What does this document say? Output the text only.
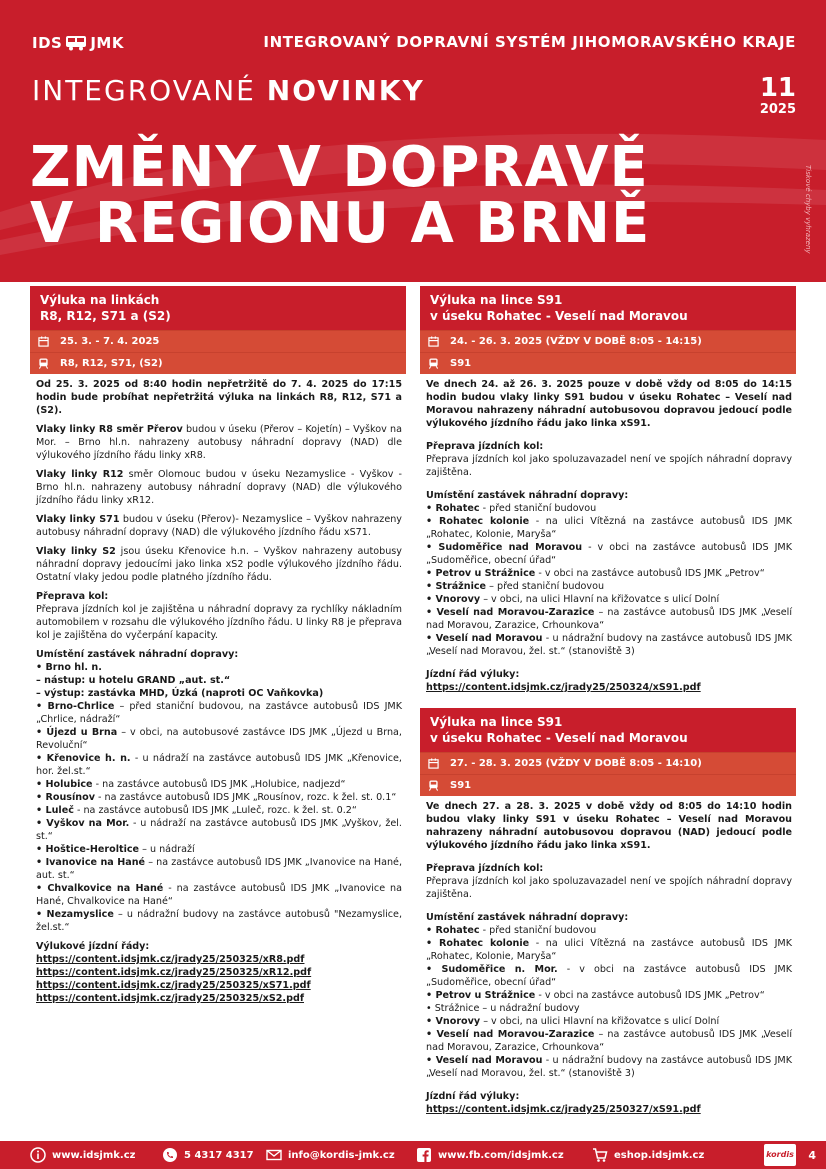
IDS JMK	INTEGROVANÝ DOPRAVNÍ SYSTÉM JIHOMORAVSKÉHO KRAJE
INTEGROVANÉ NOVINKY	11
2025
ZMĚNY V DOPRAVĚ
V REGIONU A BRNĚ	Tiskové chyby vyhrazeny
Výluka na linkách
R8, R12, S71 a (S2)
25. 3. - 7. 4. 2025
R8, R12, S71, (S2)

Od 25. 3. 2025 od 8:40 hodin nepřetržitě do 7. 4. 2025 do 17:15 hodin bude probíhat nepřetržitá výluka na linkách R8, R12, S71 a (S2).

Vlaky linky R8 směr Přerov budou v úseku (Přerov – Kojetín) – Vyškov na Mor. – Brno hl.n. nahrazeny autobusy náhradní dopravy (NAD) dle výlukového jízdního řádu linky xR8.

Vlaky linky R12 směr Olomouc budou v úseku Nezamyslice - Vyškov - Brno hl.n. nahrazeny autobusy náhradní dopravy (NAD) dle výlukového jízdního řádu linky xR12.

Vlaky linky S71 budou v úseku (Přerov)- Nezamyslice – Vyškov nahrazeny autobusy náhradní dopravy (NAD) dle výlukového jízdního řádu xS71.

Vlaky linky S2 jsou úseku Křenovice h.n. – Vyškov nahrazeny autobusy náhradní dopravy jedoucími jako linka xS2 podle výlukového jízdního řádu. Ostatní vlaky jedou podle platného jízdního řádu.

Přeprava kol:
Přeprava jízdních kol je zajištěna u náhradní dopravy za rychlíky nákladním automobilem v rozsahu dle výlukového jízdního řádu. U linky R8 je přeprava kol je zajištěna do vyčerpání kapacity.

Umístění zastávek náhradní dopravy:
• Brno hl. n.
– nástup: u hotelu GRAND „aut. st.“
– výstup: zastávka MHD, Úzká (naproti OC Vaňkovka)
• Brno-Chrlice – před staniční budovou, na zastávce autobusů IDS JMK „Chrlice, nádraží“
• Újezd u Brna – v obci, na autobusové zastávce IDS JMK „Újezd u Brna, Revoluční“
• Křenovice h. n. - u nádraží na zastávce autobusů IDS JMK „Křenovice, hor. žel.st.“
• Holubice - na zastávce autobusů IDS JMK „Holubice, nadjezd“
• Rousínov - na zastávce autobusů IDS JMK „Rousínov, rozc. k žel. st. 0.1“
• Luleč - na zastávce autobusů IDS JMK „Luleč, rozc. k žel. st. 0.2“
• Vyškov na Mor. - u nádraží na zastávce autobusů IDS JMK „Vyškov, žel. st.“
• Hoštice-Heroltice – u nádraží
• Ivanovice na Hané – na zastávce autobusů IDS JMK „Ivanovice na Hané, aut. st.“
• Chvalkovice na Hané - na zastávce autobusů IDS JMK „Ivanovice na Hané, Chvalkovice na Hané“
• Nezamyslice – u nádražní budovy na zastávce autobusů "Nezamyslice, žel.st.“
Výlukové jízdní řády:
https://content.idsjmk.cz/jrady25/250325/xR8.pdf
https://content.idsjmk.cz/jrady25/250325/xR12.pdf
https://content.idsjmk.cz/jrady25/250325/xS71.pdf
https://content.idsjmk.cz/jrady25/250325/xS2.pdf
Výluka na lince S91
v úseku Rohatec - Veselí nad Moravou
24. - 26. 3. 2025 (VŽDY V DOBĚ 8:05 - 14:15)
S91

Ve dnech 24. až 26. 3. 2025 pouze v době vždy od 8:05 do 14:15 hodin budou vlaky linky S91 budou v úseku Rohatec – Veselí nad Moravou nahrazeny náhradní autobusovou dopravou jedoucí podle výlukového jízdního řádu jako linka xS91.

Přeprava jízdních kol:
Přeprava jízdních kol jako spoluzavazadel není ve spojích náhradní dopravy zajištěna.

Umístění zastávek náhradní dopravy:
• Rohatec - před staniční budovou
• Rohatec kolonie - na ulici Vítězná na zastávce autobusů IDS JMK „Rohatec, Kolonie, Maryša“
• Sudoměřice nad Moravou - v obci na zastávce autobusů IDS JMK „Sudoměřice, obecní úřad“
• Petrov u Strážnice - v obci na zastávce autobusů IDS JMK „Petrov“
• Strážnice – před staniční budovou
• Vnorovy – v obci, na ulici Hlavní na křižovatce s ulicí Dolní
• Veselí nad Moravou-Zarazice – na zastávce autobusů IDS JMK „Veselí nad Moravou, Zarazice, Crhounkova“
• Veselí nad Moravou - u nádražní budovy na zastávce autobusů IDS JMK „Veselí nad Moravou, žel. st.“ (stanoviště 3)
Jízdní řád výluky:
https://content.idsjmk.cz/jrady25/250324/xS91.pdf
Výluka na lince S91
v úseku Rohatec - Veselí nad Moravou
27. - 28. 3. 2025 (VŽDY V DOBĚ 8:05 - 14:10)
S91

Ve dnech 27. a 28. 3. 2025 v době vždy od 8:05 do 14:10 hodin budou vlaky linky S91 v úseku Rohatec – Veselí nad Moravou nahrazeny náhradní autobusovou dopravou (NAD) jedoucí podle výlukového jízdního řádu jako linka xS91.

Přeprava jízdních kol:
Přeprava jízdních kol jako spoluzavazadel není ve spojích náhradní dopravy zajištěna.

Umístění zastávek náhradní dopravy:
• Rohatec - před staniční budovou
• Rohatec kolonie - na ulici Vítězná na zastávce autobusů IDS JMK „Rohatec, Kolonie, Maryša“
• Sudoměřice n. Mor. - v obci na zastávce autobusů IDS JMK „Sudoměřice, obecní úřad“
• Petrov u Strážnice - v obci na zastávce autobusů IDS JMK „Petrov“
• Strážnice – u nádražní budovy
• Vnorovy – v obci, na ulici Hlavní na křižovatce s ulicí Dolní
• Veselí nad Moravou-Zarazice – na zastávce autobusů IDS JMK „Veselí nad Moravou, Zarazice, Crhounkova“
• Veselí nad Moravou - u nádražní budovy na zastávce autobusů IDS JMK „Veselí nad Moravou, žel. st.“ (stanoviště 3)
Jízdní řád výluky:
https://content.idsjmk.cz/jrady25/250327/xS91.pdf
www.idsjmk.cz	5 4317 4317	info@kordis-jmk.cz	www.fb.com/idsjmk.cz	eshop.idsjmk.cz	kordis 4
